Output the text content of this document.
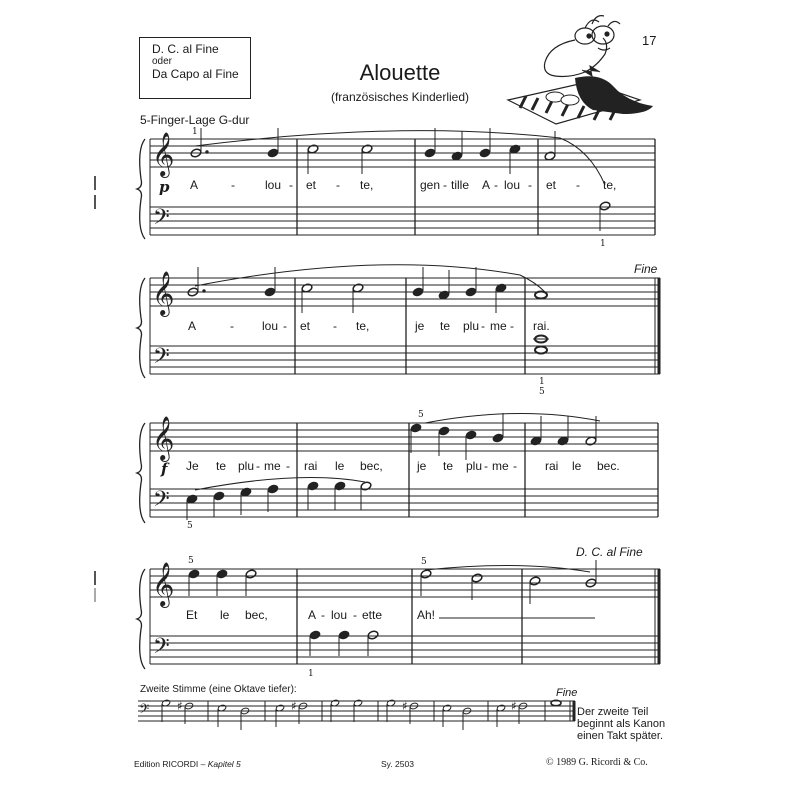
D. C. al Fine
oder
Da Capo al Fine	Alouette
(französisches Kinderlied)
17
5-Finger-Lage G-dur
𝄞
𝄢
𝄞
𝄢
𝄞
𝄢
𝄞
𝄢
𝄢 ♯	♯	♯	♯
p
f
1
1
1
5
5
5
5
1
5
Fine
D. C. al Fine
A	-	lou - et - te,	gen - tille A - lou - et - te,
A	- lou - et - te,	je te plu - me - rai.
Je te plu - me - rai le bec,	je te plu - me - rai le bec.
Et le bec,	A - lou - ette	Ah!
Zweite Stimme (eine Oktave tiefer):	Fine
Der zweite Teil
beginnt als Kanon
einen Takt später.
Edition RICORDI – Kapitel 5	Sy. 2503	© 1989 G. Ricordi & Co.
